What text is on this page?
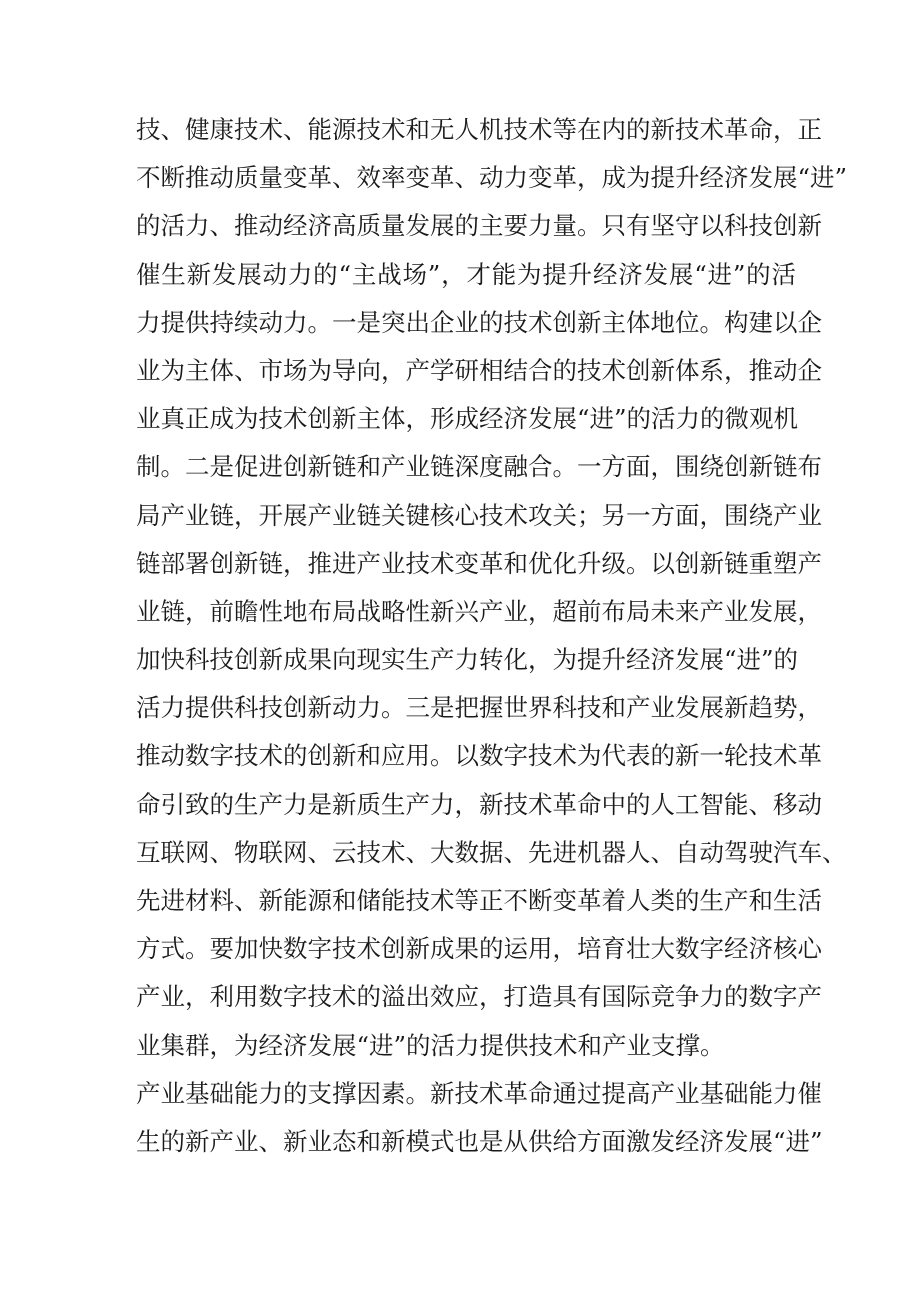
技、健康技术、能源技术和无人机技术等在内的新技术革命，正
不断推动质量变革、效率变革、动力变革，成为提升经济发展“进”
的活力、推动经济高质量发展的主要力量。只有坚守以科技创新
催生新发展动力的“主战场”，才能为提升经济发展“进”的活
力提供持续动力。一是突出企业的技术创新主体地位。构建以企
业为主体、市场为导向，产学研相结合的技术创新体系，推动企
业真正成为技术创新主体，形成经济发展“进”的活力的微观机
制。二是促进创新链和产业链深度融合。一方面，围绕创新链布
局产业链，开展产业链关键核心技术攻关；另一方面，围绕产业
链部署创新链，推进产业技术变革和优化升级。以创新链重塑产
业链，前瞻性地布局战略性新兴产业，超前布局未来产业发展，
加快科技创新成果向现实生产力转化，为提升经济发展“进”的
活力提供科技创新动力。三是把握世界科技和产业发展新趋势，
推动数字技术的创新和应用。以数字技术为代表的新一轮技术革
命引致的生产力是新质生产力，新技术革命中的人工智能、移动
互联网、物联网、云技术、大数据、先进机器人、自动驾驶汽车、
先进材料、新能源和储能技术等正不断变革着人类的生产和生活
方式。要加快数字技术创新成果的运用，培育壮大数字经济核心
产业，利用数字技术的溢出效应，打造具有国际竞争力的数字产
业集群，为经济发展“进”的活力提供技术和产业支撑。
产业基础能力的支撑因素。新技术革命通过提高产业基础能力催
生的新产业、新业态和新模式也是从供给方面激发经济发展“进”
